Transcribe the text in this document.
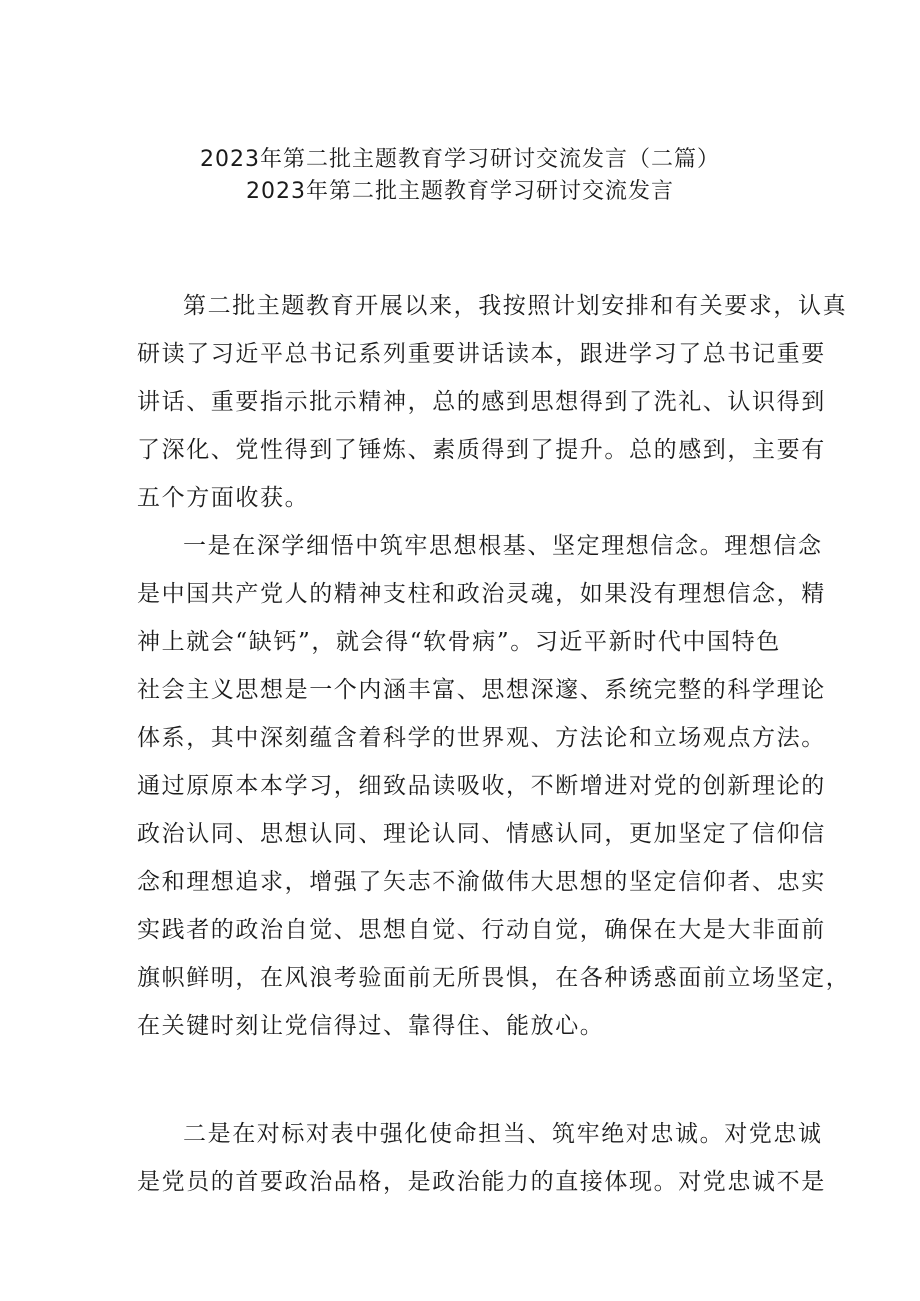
2023年第二批主题教育学习研讨交流发言（二篇）
2023年第二批主题教育学习研讨交流发言

第二批主题教育开展以来，我按照计划安排和有关要求，认真
研读了习近平总书记系列重要讲话读本，跟进学习了总书记重要
讲话、重要指示批示精神，总的感到思想得到了洗礼、认识得到
了深化、党性得到了锤炼、素质得到了提升。总的感到，主要有
五个方面收获。

一是在深学细悟中筑牢思想根基、坚定理想信念。理想信念
是中国共产党人的精神支柱和政治灵魂，如果没有理想信念，精
神上就会“缺钙”，就会得“软骨病”。习近平新时代中国特色
社会主义思想是一个内涵丰富、思想深邃、系统完整的科学理论
体系，其中深刻蕴含着科学的世界观、方法论和立场观点方法。
通过原原本本学习，细致品读吸收，不断增进对党的创新理论的
政治认同、思想认同、理论认同、情感认同，更加坚定了信仰信
念和理想追求，增强了矢志不渝做伟大思想的坚定信仰者、忠实
实践者的政治自觉、思想自觉、行动自觉，确保在大是大非面前
旗帜鲜明，在风浪考验面前无所畏惧，在各种诱惑面前立场坚定，
在关键时刻让党信得过、靠得住、能放心。

二是在对标对表中强化使命担当、筑牢绝对忠诚。对党忠诚
是党员的首要政治品格，是政治能力的直接体现。对党忠诚不是
